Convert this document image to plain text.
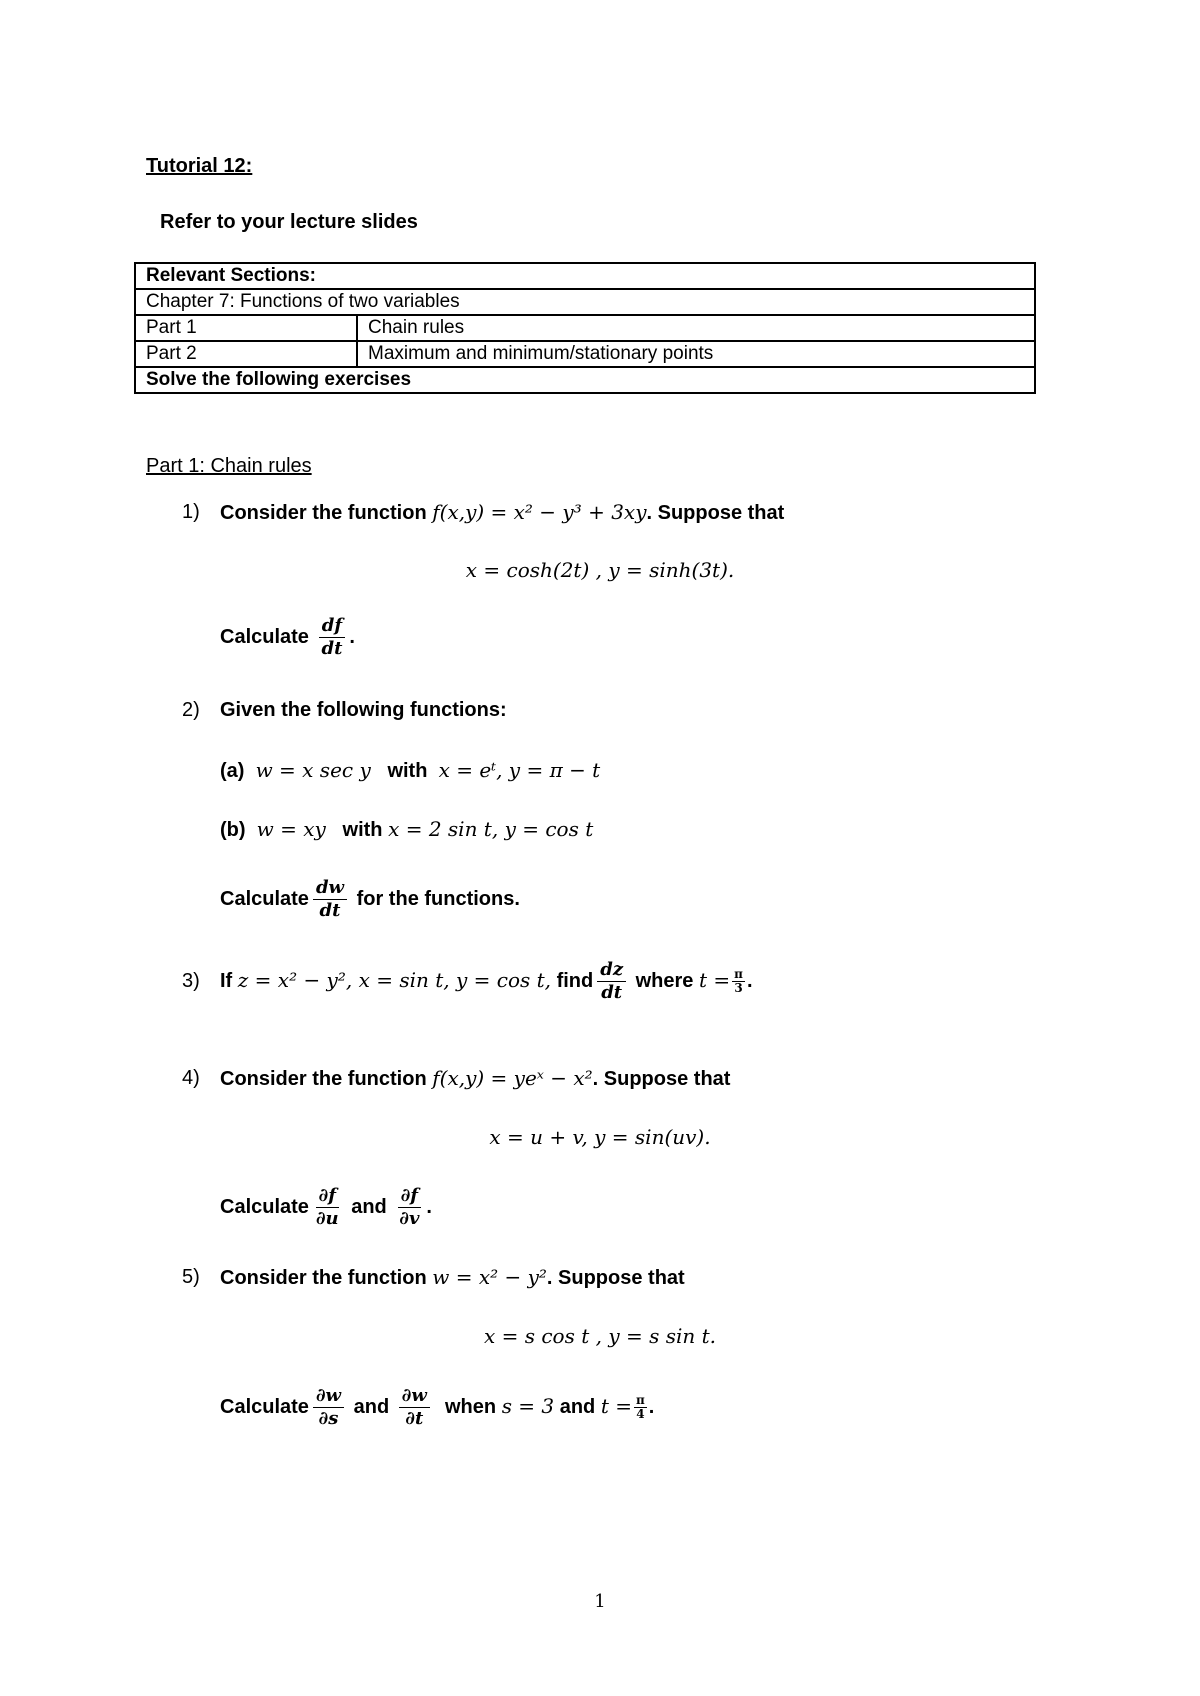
Tutorial 12:
Refer to your lecture slides
Relevant Sections:	
Chapter 7: Functions of two variables	
Part 1	Chain rules
Part 2	Maximum and minimum/stationary points
Solve the following exercises	
Part 1: Chain rules
1) Consider the function f(x,y) = x² − y³ + 3xy. Suppose that
x = cosh(2t) , y = sinh(3t).
Calculate $\frac{df}{dt}$ .
2) Given the following functions:
(a) w = x sec y with x = eᵗ, y = π − t
(b) w = xy with x = 2 sin t, y = cos t
Calculate $\frac{dw}{dt}$ for the functions.
3) If z = x² − y², x = sin t, y = cos t, find $\frac{dz}{dt}$ where $t = \frac{\pi}{3}$ .
4) Consider the function f(x,y) = yeˣ − x². Suppose that
x = u + v, y = sin(uv).
Calculate $\frac{\partial f}{\partial u}$ and $\frac{\partial f}{\partial v}$ .
5) Consider the function w = x² − y². Suppose that
x = s cos t , y = s sin t.
Calculate $\frac{\partial w}{\partial s}$ and $\frac{\partial w}{\partial t}$ when s = 3 and $t = \frac{\pi}{4}$ .
1
